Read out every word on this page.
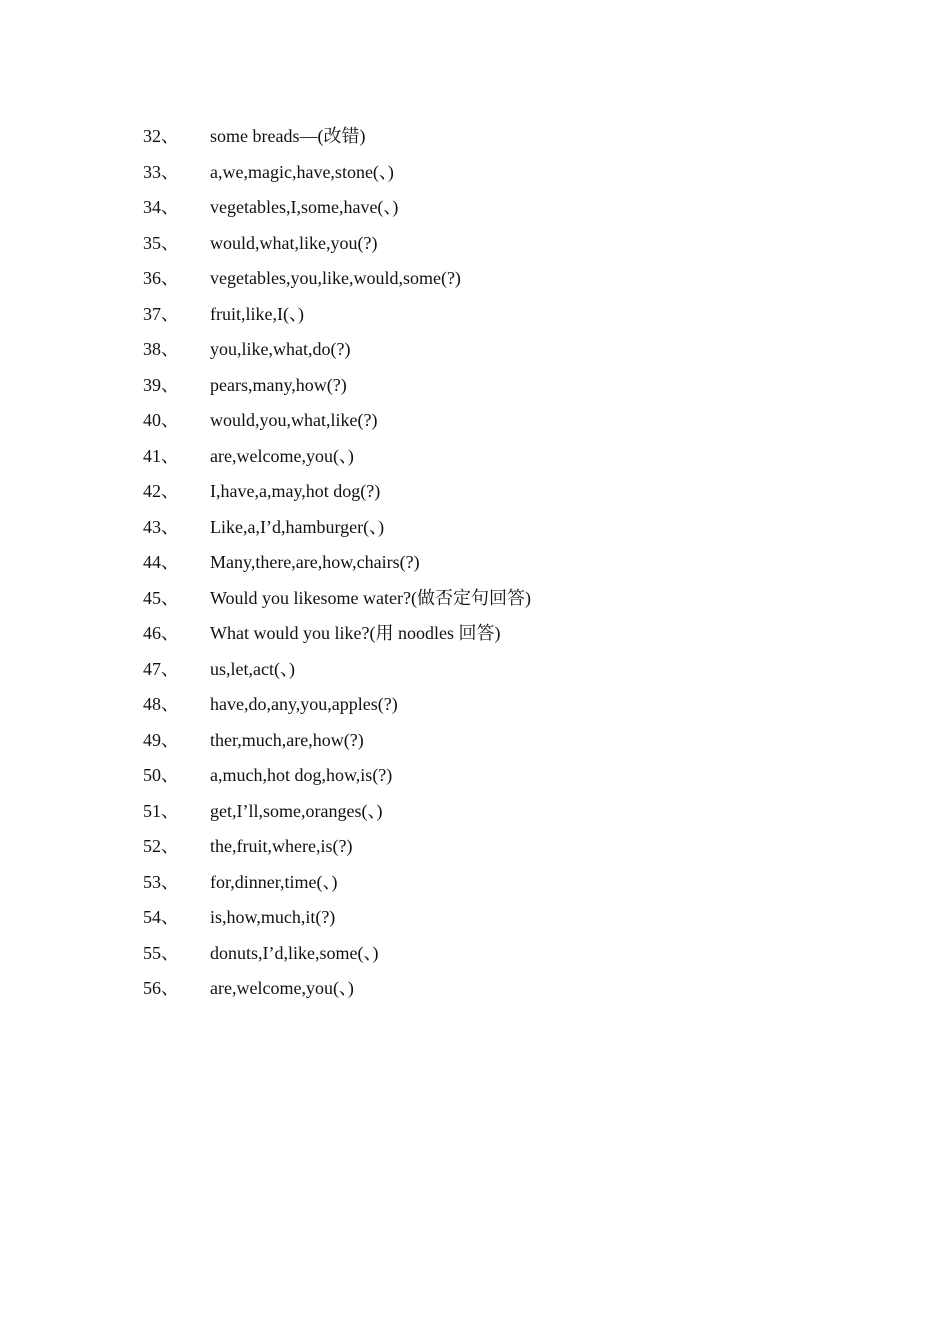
32、	some breads—(改错)
33、	a,we,magic,have,stone(、)
34、	vegetables,I,some,have(、)
35、	would,what,like,you(?)
36、	vegetables,you,like,would,some(?)
37、	fruit,like,I(、)
38、	you,like,what,do(?)
39、	pears,many,how(?)
40、	would,you,what,like(?)
41、	are,welcome,you(、)
42、	I,have,a,may,hot dog(?)
43、	Like,a,I’d,hamburger(、)
44、	Many,there,are,how,chairs(?)
45、	Would you likesome water?(做否定句回答)
46、	What would you like?(用 noodles 回答)
47、	us,let,act(、)
48、	have,do,any,you,apples(?)
49、	ther,much,are,how(?)
50、	a,much,hot dog,how,is(?)
51、	get,I’ll,some,oranges(、)
52、	the,fruit,where,is(?)
53、	for,dinner,time(、)
54、	is,how,much,it(?)
55、	donuts,I’d,like,some(、)
56、	are,welcome,you(、)
